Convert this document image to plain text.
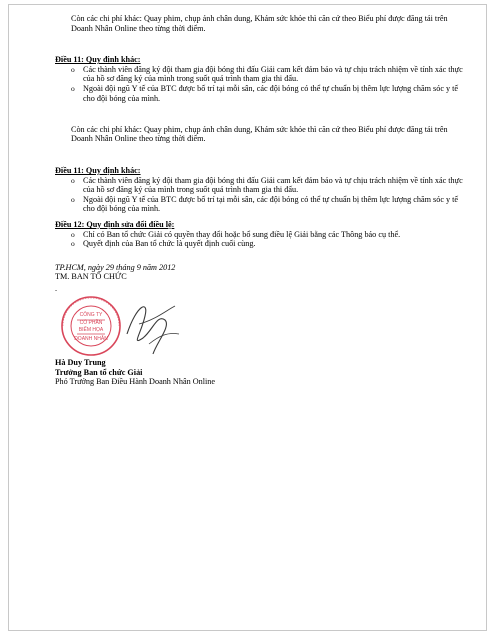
Còn các chi phí khác: Quay phim, chụp ảnh chân dung, Khám sức khỏe thì căn cứ theo Biểu phí được đăng tải trên Doanh Nhân Online theo từng thời điểm.

Điều 11: Quy định khác:

o Các thành viên đăng ký đội tham gia đội bóng thi đấu Giải cam kết đảm bảo và tự chịu trách nhiệm về tính xác thực của hồ sơ đăng ký của mình trong suốt quá trình tham gia thi đấu.
o Ngoài đội ngũ Y tế của BTC được bố trí tại mỗi sân, các đội bóng có thể tự chuẩn bị thêm lực lượng chăm sóc y tế cho đội bóng của mình.

Còn các chi phí khác: Quay phim, chụp ảnh chân dung, Khám sức khỏe thì căn cứ theo Biểu phí được đăng tải trên Doanh Nhân Online theo từng thời điểm.

Điều 11: Quy định khác:

o Các thành viên đăng ký đội tham gia đội bóng thi đấu Giải cam kết đảm bảo và tự chịu trách nhiệm về tính xác thực của hồ sơ đăng ký của mình trong suốt quá trình tham gia thi đấu.
o Ngoài đội ngũ Y tế của BTC được bố trí tại mỗi sân, các đội bóng có thể tự chuẩn bị thêm lực lượng chăm sóc y tế cho đội bóng của mình.

Điều 12: Quy định sửa đổi điều lệ:

o Chỉ có Ban tổ chức Giải có quyền thay đổi hoặc bổ sung điều lệ Giải bằng các Thông báo cụ thể.
o Quyết định của Ban tổ chức là quyết định cuối cùng.

TP.HCM, ngày 29 tháng 9 năm 2012

TM. BAN TỔ CHỨC

.

CÔNG TY
CỔ PHẦN
BIẾM HỌA
DOANH NHÂN

Hà Duy Trung

Trưởng Ban tổ chức Giải

Phó Trưởng Ban Điều Hành Doanh Nhân Online
